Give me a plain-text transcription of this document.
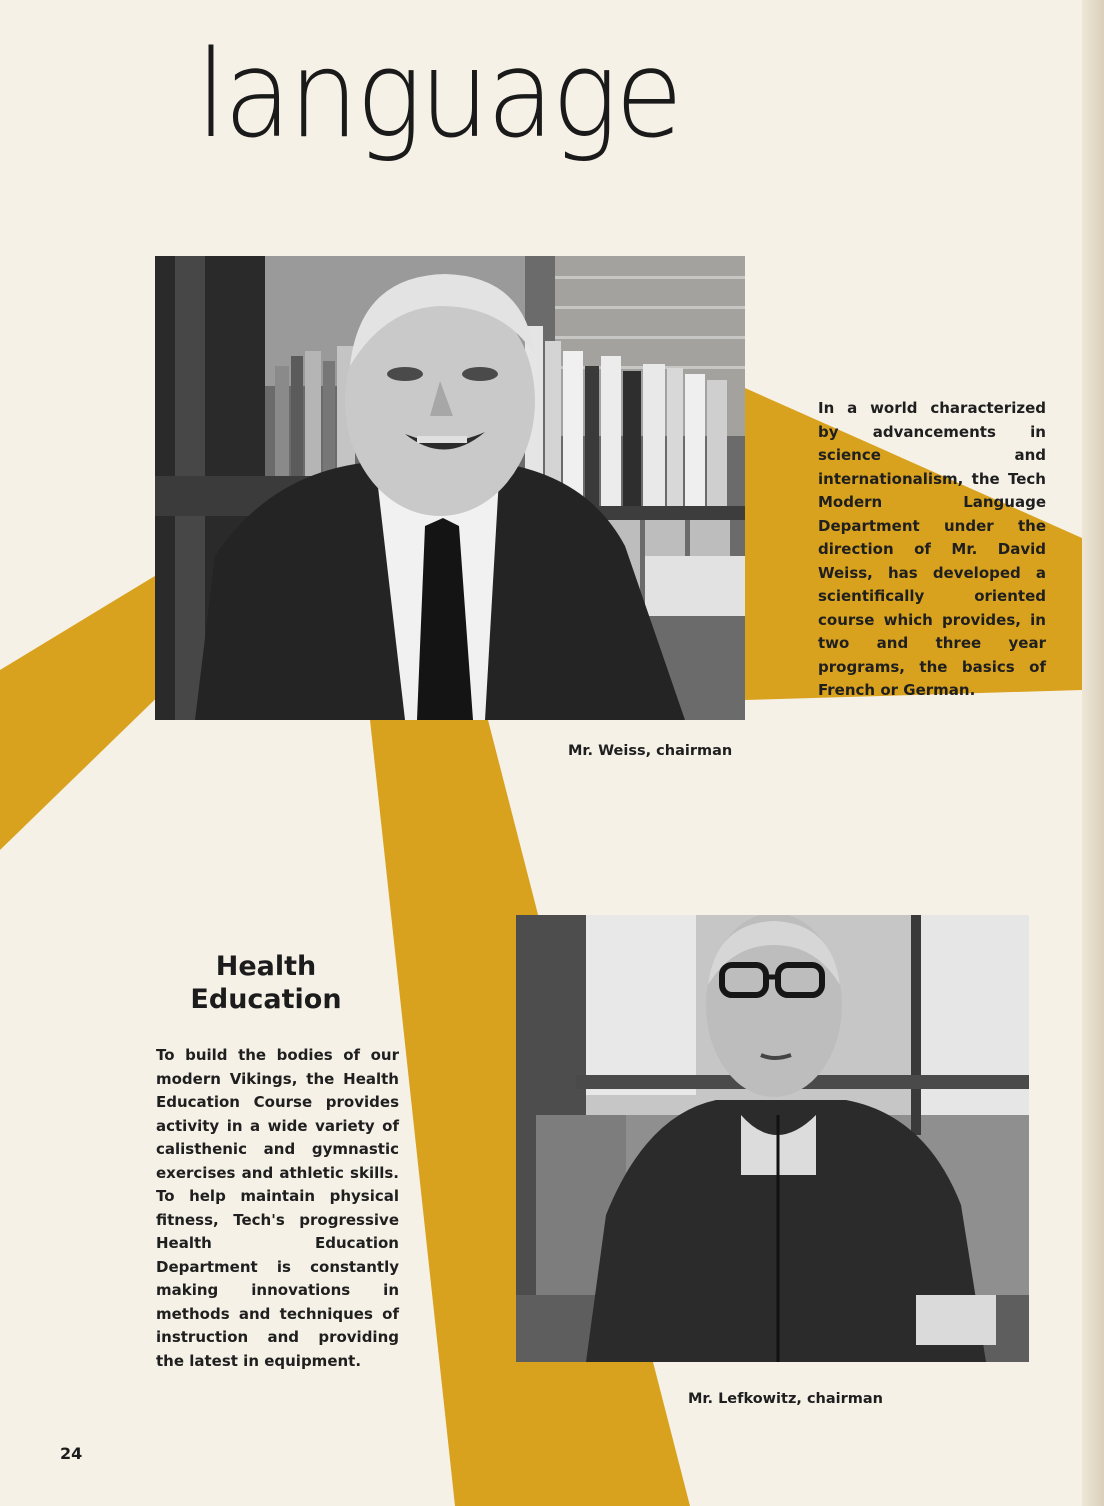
language

In a world characterized by advancements in science and internationalism, the Tech Modern Language Department under the direction of Mr. David Weiss, has developed a scientifically oriented course which provides, in two and three year programs, the basics of French or German.

Mr. Weiss, chairman

Health Education

To build the bodies of our modern Vikings, the Health Education Course provides activity in a wide variety of calisthenic and gymnastic exercises and athletic skills. To help maintain physical fitness, Tech's progressive Health Education Department is constantly making innovations in methods and techniques of instruction and providing the latest in equipment.

Mr. Lefkowitz, chairman

24
